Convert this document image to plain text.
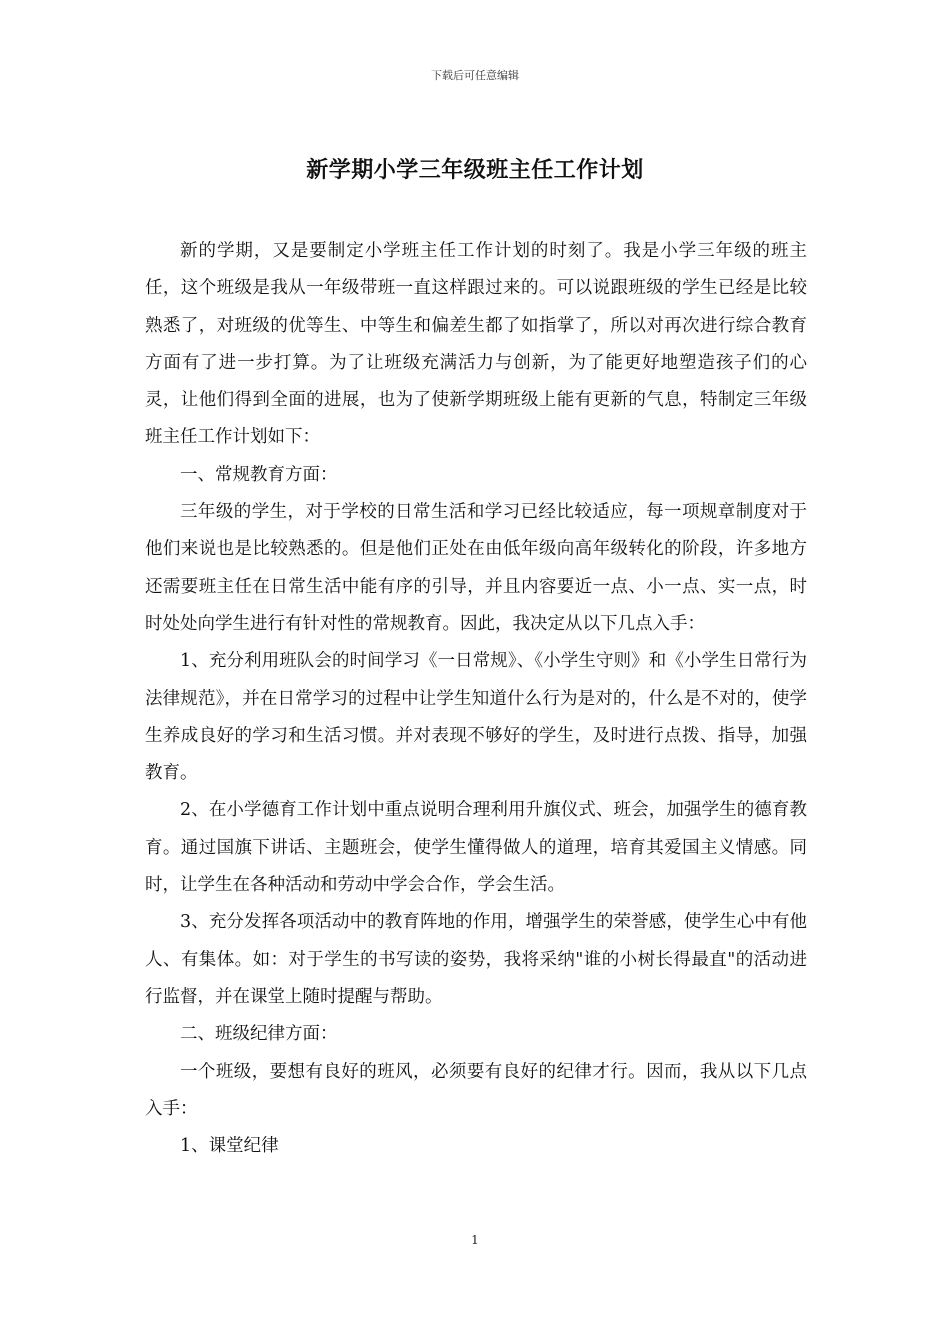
下载后可任意编辑
新学期小学三年级班主任工作计划

新的学期，又是要制定小学班主任工作计划的时刻了。我是小学三年级的班主任，这个班级是我从一年级带班一直这样跟过来的。可以说跟班级的学生已经是比较熟悉了，对班级的优等生、中等生和偏差生都了如指掌了，所以对再次进行综合教育方面有了进一步打算。为了让班级充满活力与创新，为了能更好地塑造孩子们的心灵，让他们得到全面的进展，也为了使新学期班级上能有更新的气息，特制定三年级班主任工作计划如下：

一、常规教育方面：

三年级的学生，对于学校的日常生活和学习已经比较适应，每一项规章制度对于他们来说也是比较熟悉的。但是他们正处在由低年级向高年级转化的阶段，许多地方还需要班主任在日常生活中能有序的引导，并且内容要近一点、小一点、实一点，时时处处向学生进行有针对性的常规教育。因此，我决定从以下几点入手：

1、充分利用班队会的时间学习《一日常规》、《小学生守则》和《小学生日常行为法律规范》，并在日常学习的过程中让学生知道什么行为是对的，什么是不对的，使学生养成良好的学习和生活习惯。并对表现不够好的学生，及时进行点拨、指导，加强教育。

2、在小学德育工作计划中重点说明合理利用升旗仪式、班会，加强学生的德育教育。通过国旗下讲话、主题班会，使学生懂得做人的道理，培育其爱国主义情感。同时，让学生在各种活动和劳动中学会合作，学会生活。

3、充分发挥各项活动中的教育阵地的作用，增强学生的荣誉感，使学生心中有他人、有集体。如：对于学生的书写读的姿势，我将采纳"谁的小树长得最直"的活动进行监督，并在课堂上随时提醒与帮助。

二、班级纪律方面：

一个班级，要想有良好的班风，必须要有良好的纪律才行。因而，我从以下几点入手：

1、课堂纪律

1
